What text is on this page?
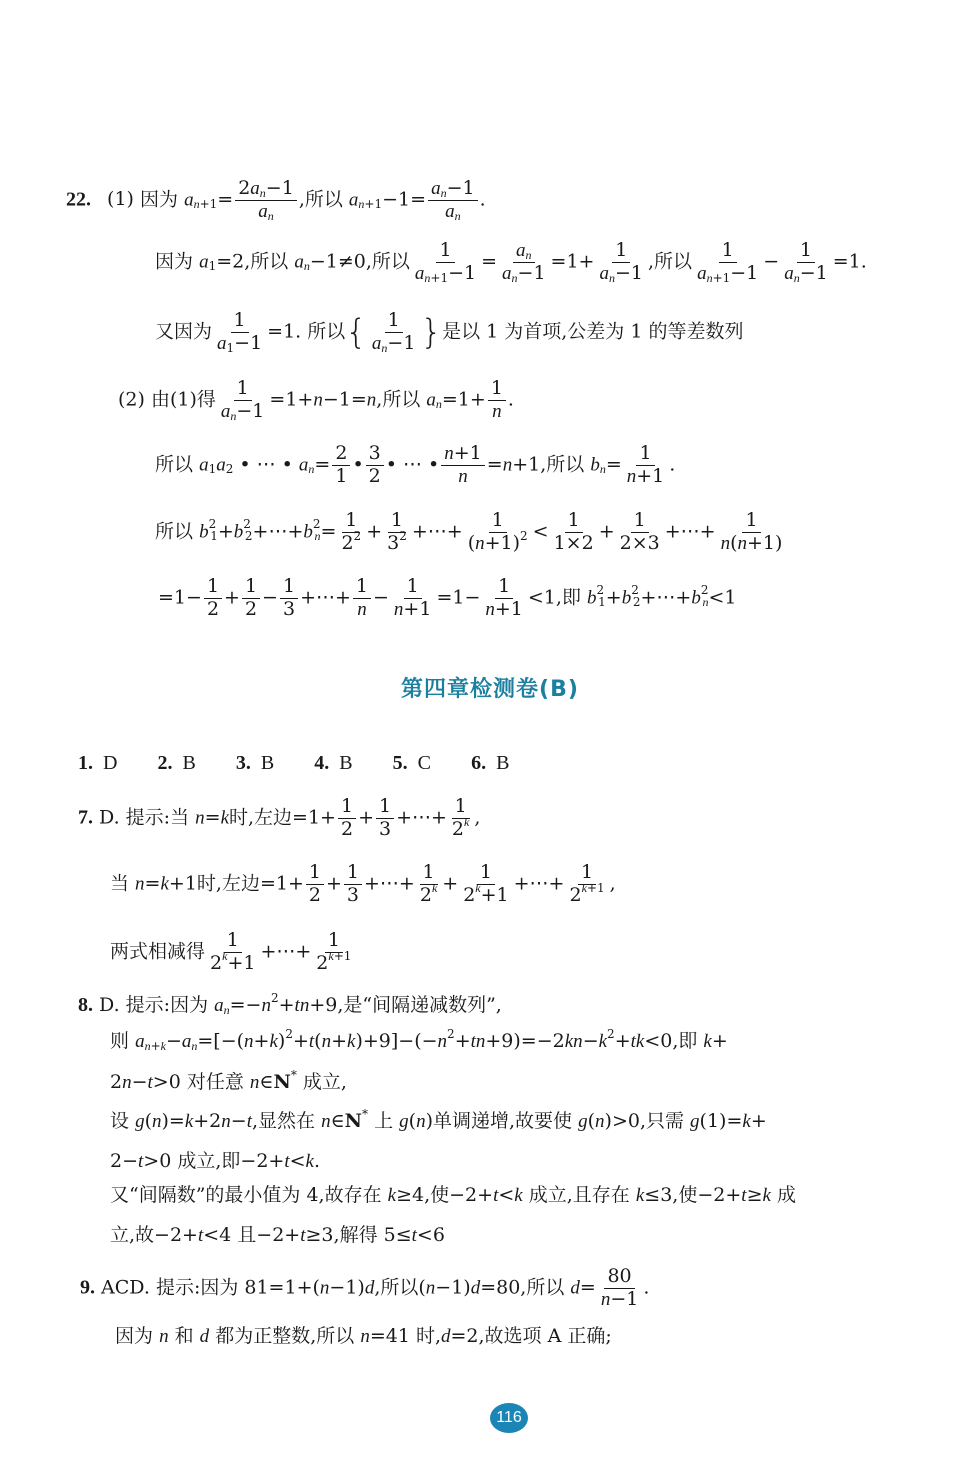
22. (1) 因为 $a_{n+1}= \frac{2a_n-1}{a_n}$ ,所以 $a_{n+1}-1= \frac{a_n-1}{a_n}$ .
因为 $a_1=2$,所以 $a_n-1\ne 0$,所以 $\frac{1}{a_{n+1}-1} = \frac{a_n}{a_n-1} =1+ \frac{1}{a_n-1}$ ,所以 $\frac{1}{a_{n+1}-1} - \frac{1}{a_n-1} =1$.
又因为 $\frac{1}{a_1-1} =1$. 所以{ $\frac{1}{a_n-1}$ }是以 1 为首项,公差为 1 的等差数列
(2) 由(1)得 $\frac{1}{a_n-1} =1+n-1=n$,所以 $a_n=1+ \frac{1}{n}$ .
所以 $a_1a_2$ • ⋯ • $a_n= \frac{2}{1}$ • $\frac{3}{2}$ • ⋯ • $\frac{n+1}{n} =n+1$,所以 $b_n= \frac{1}{n+1}$ .
所以 $b^2_1+b^2_2+\cdots+b^2_n= \frac{1}{2^2} + \frac{1}{3^2}$ +⋯+ $\frac{1}{(n+1)^2} < \frac{1}{1\times 2} + \frac{1}{2\times 3}$ +⋯+ $\frac{1}{n(n+1)}$
$=1- \frac{1}{2} + \frac{1}{2} - \frac{1}{3}$ +⋯+ $\frac{1}{n} - \frac{1}{n+1} =1- \frac{1}{n+1} <1$,即 $b^2_1+b^2_2+\cdots+b^2_n<1$
第四章检测卷(B)
1. D 2. B 3. B 4. B 5. C 6. B
7. D. 提示:当 n=k时,左边$=1+ \frac{1}{2} + \frac{1}{3}$ +⋯+ $\frac{1}{2^k}$ ,
当 n=k+1时,左边$=1+ \frac{1}{2} + \frac{1}{3}$ +⋯+ $\frac{1}{2^k} + \frac{1}{2^k+1}$ +⋯+ $\frac{1}{2^{k+1}}$ ,
两式相减得 $\frac{1}{2^k+1}$ +⋯+ $\frac{1}{2^{k+1}}$
8. D. 提示:因为 $a_n=-n^2+tn+9$,是“间隔递减数列”,
则 $a_{n+k}-a_n=[-(n+k)^2+t(n+k)+9]-(-n^2+tn+9)=-2kn-k^2+tk<0$,即 k+
2n−t>0 对任意 n∈N* 成立,
设 g(n)=k+2n−t,显然在 n∈N* 上 g(n)单调递增,故要使 g(n)>0,只需 g(1)=k+
2−t>0 成立,即−2+t<k.
又“间隔数”的最小值为 4,故存在 k≥4,使−2+t<k 成立,且存在 k≤3,使−2+t≥k 成
立,故−2+t<4 且−2+t≥3,解得 5≤t<6
9. ACD. 提示:因为 81=1+(n−1)d,所以(n−1)d=80,所以 $d= \frac{80}{n-1}$ .
因为 n 和 d 都为正整数,所以 n=41 时,d=2,故选项 A 正确;
116
